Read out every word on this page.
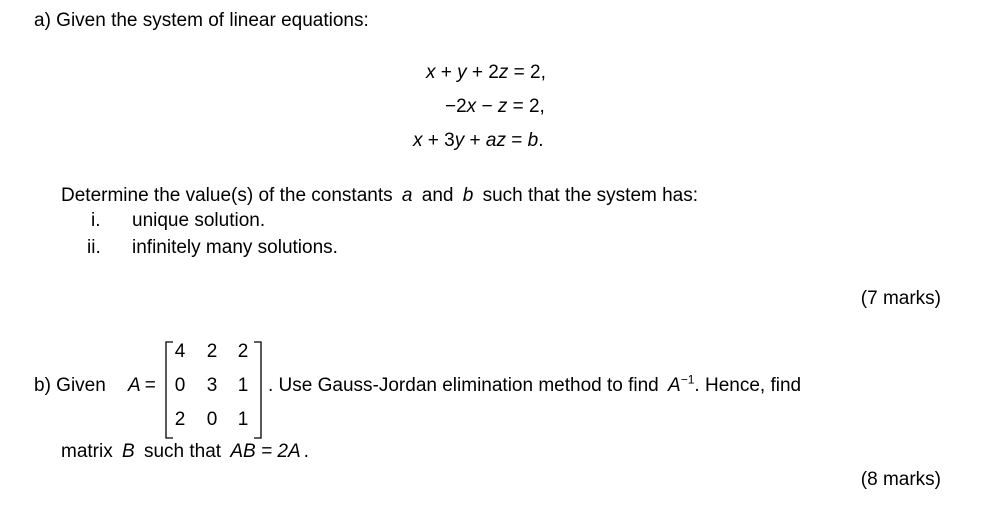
a) Given the system of linear equations:
x + y + 2z = 2,
−2x − z = 2,
x + 3y + az = b.
Determine the value(s) of the constants a and b such that the system has:
i. unique solution.
ii. infinitely many solutions.
(7 marks)
b) Given A =
4 2 2
0 3 1
2 0 1
. Use Gauss-Jordan elimination method to find $A^{-1}$. Hence, find
matrix B such that AB = 2A .
(8 marks)
